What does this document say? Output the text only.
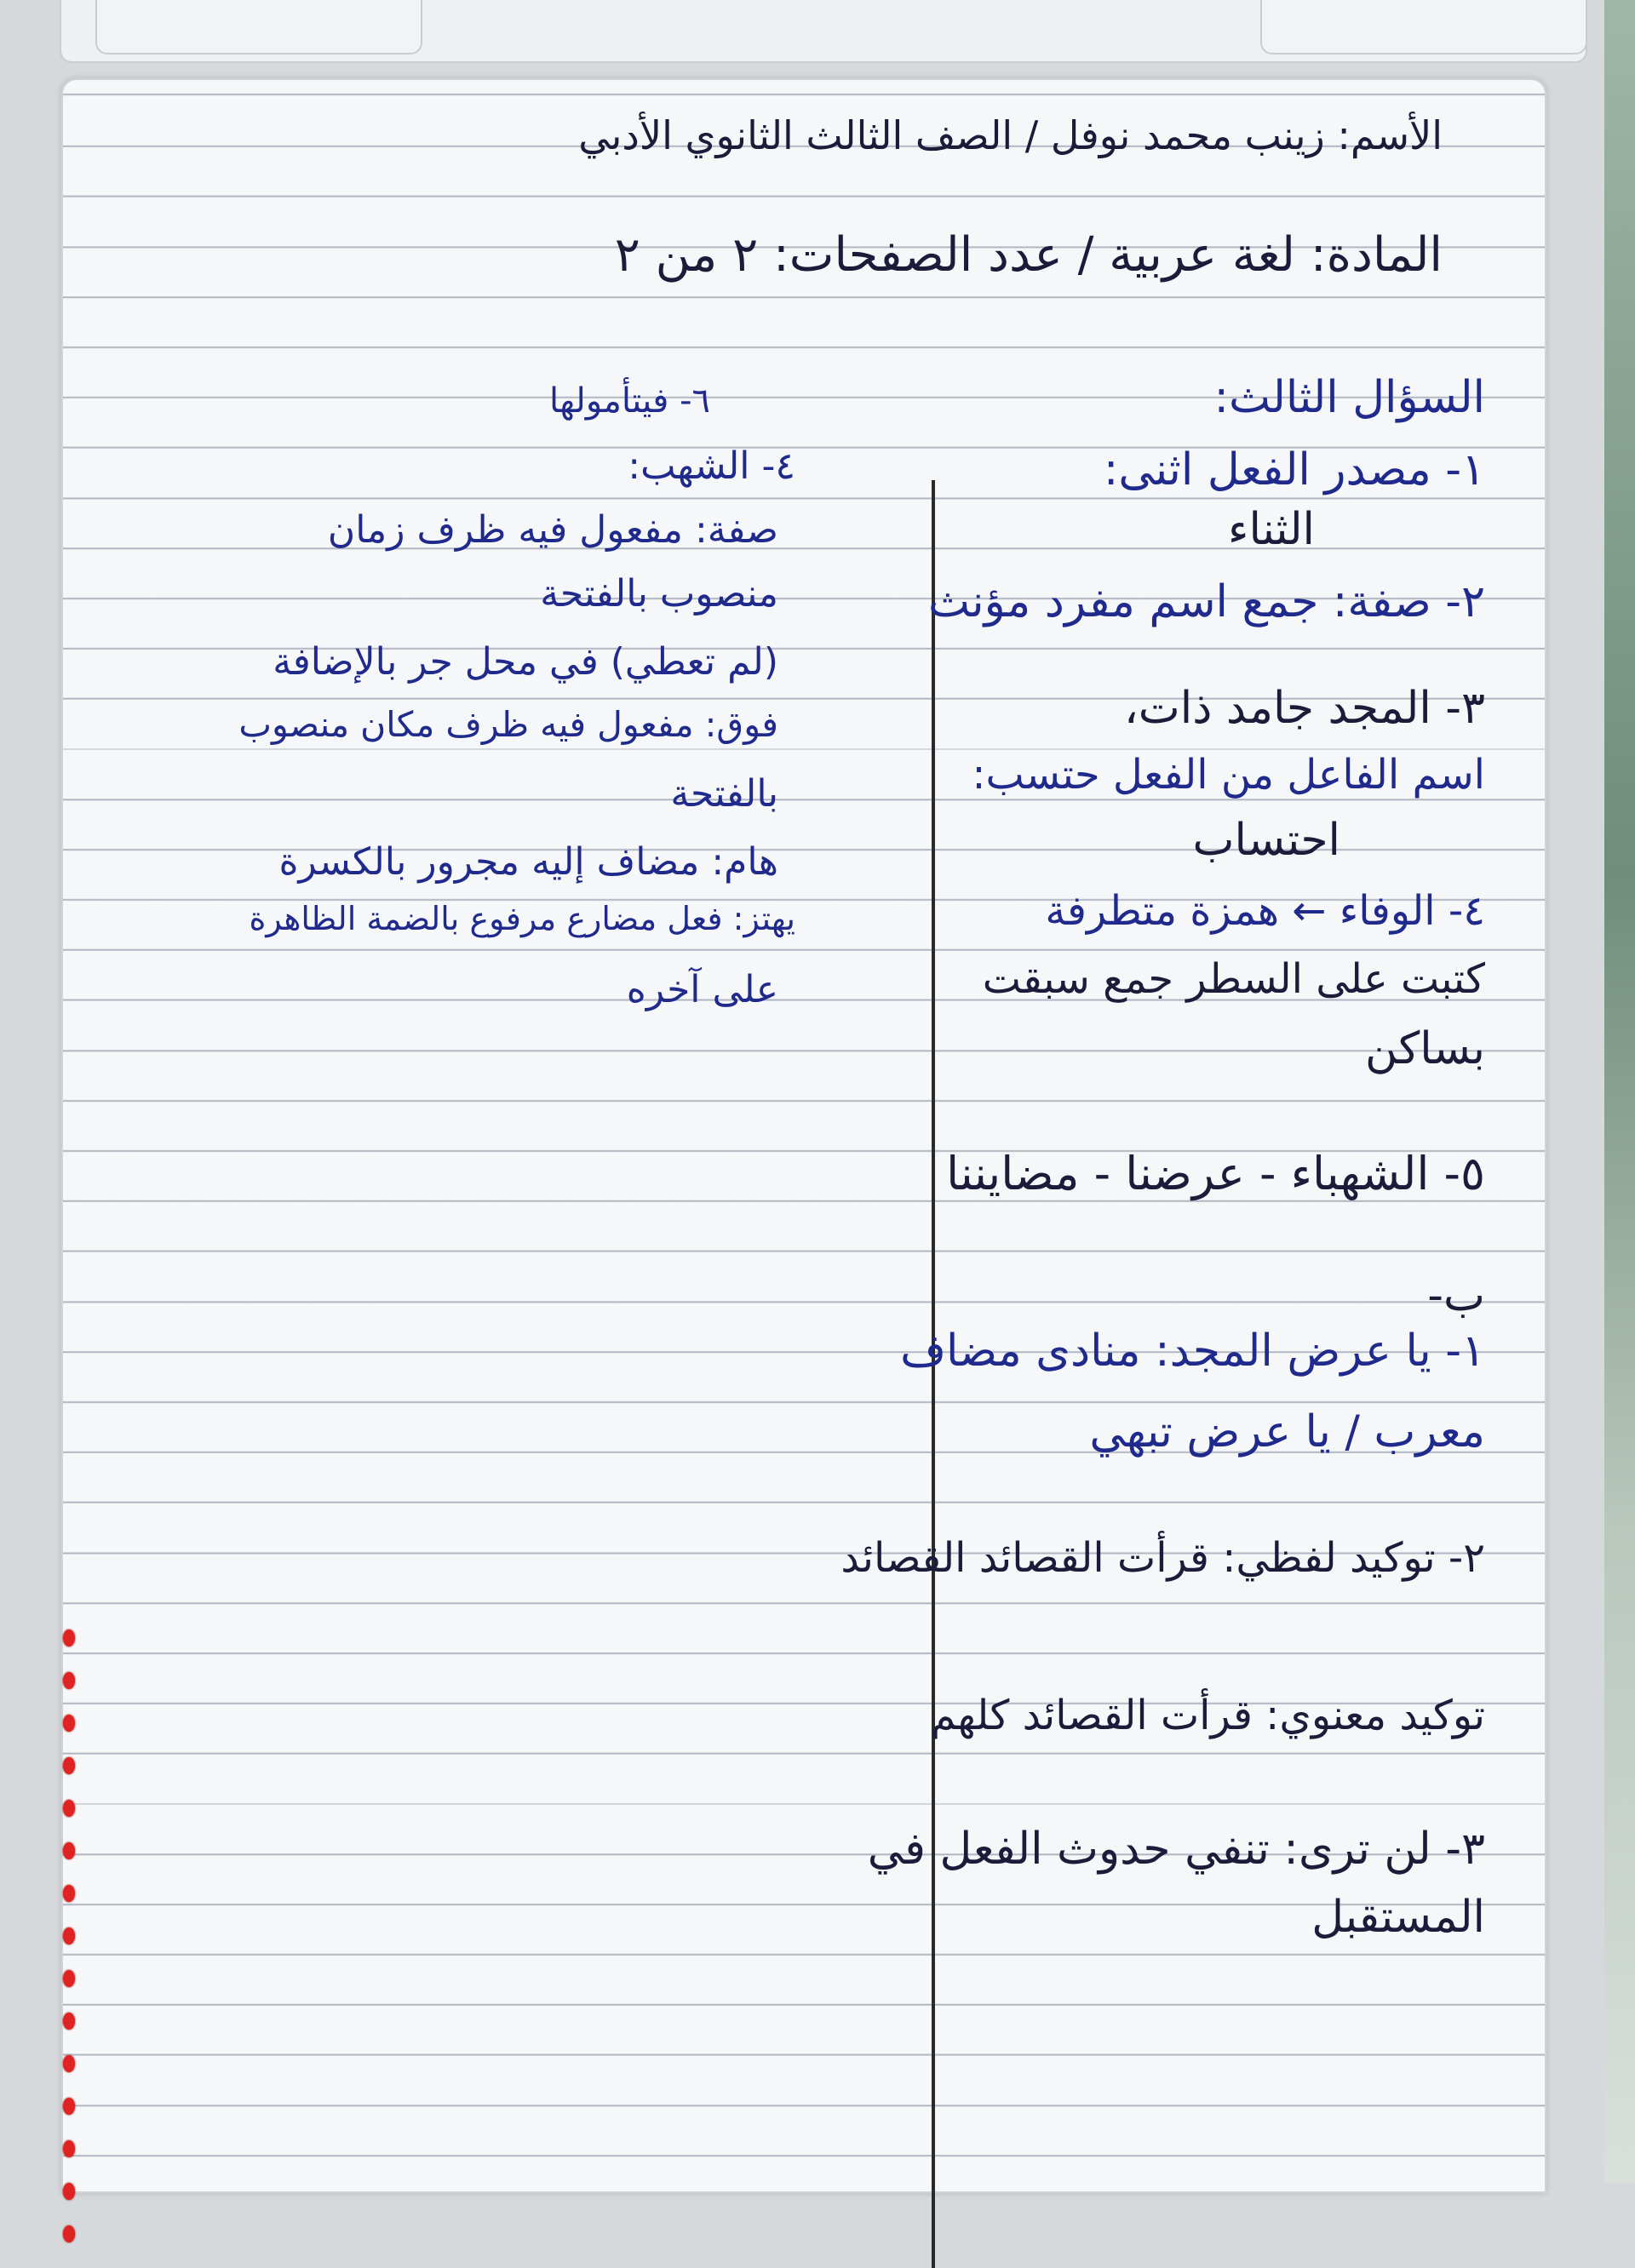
الأسم: زينب محمد نوفل / الصف الثالث الثانوي الأدبي
المادة: لغة عربية / عدد الصفحات: ٢ من ٢
السؤال الثالث:
١- مصدر الفعل اثنى:
الثناء
٢- صفة: جمع اسم مفرد مؤنث
٣- المجد جامد ذات،
اسم الفاعل من الفعل حتسب:
احتساب
٤- الوفاء ← همزة متطرفة
كتبت على السطر جمع سبقت
بساكن
٥- الشهباء - عرضنا - مضايننا
ب-
١- يا عرض المجد: منادى مضاف
معرب / يا عرض تبهي
٢- توكيد لفظي: قرأت القصائد القصائد
توكيد معنوي: قرأت القصائد كلهم
٣- لن ترى: تنفي حدوث الفعل في
المستقبل
٦- فيتأمولها
٤- الشهب:
صفة: مفعول فيه ظرف زمان
منصوب بالفتحة
(لم تعطي) في محل جر بالإضافة
فوق: مفعول فيه ظرف مكان منصوب
بالفتحة
هام: مضاف إليه مجرور بالكسرة
يهتز: فعل مضارع مرفوع بالضمة الظاهرة
على آخره
